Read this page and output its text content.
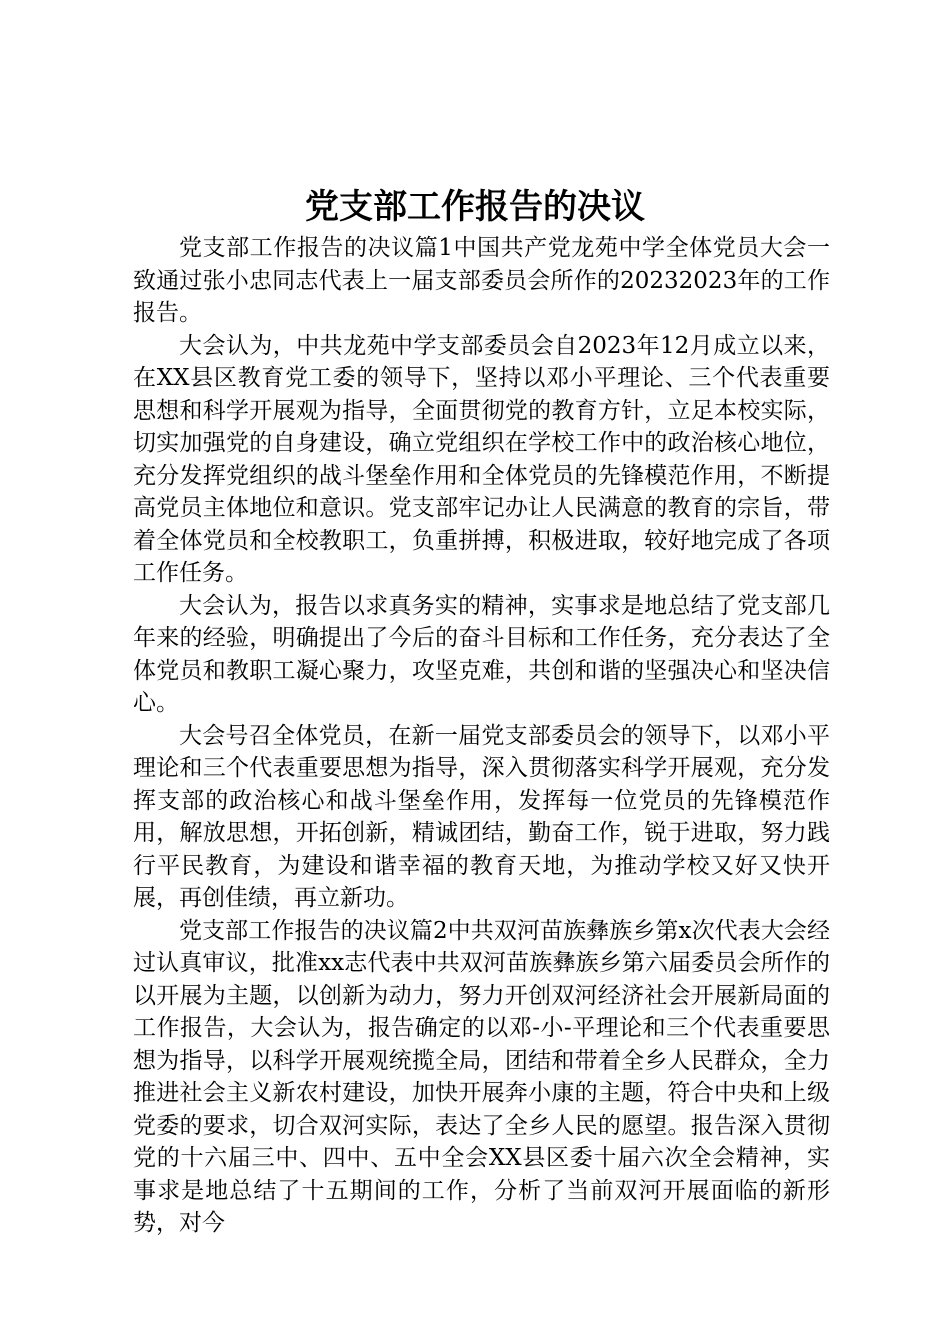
党支部工作报告的决议

党支部工作报告的决议篇1中国共产党龙苑中学全体党员大会一致通过张小忠同志代表上一届支部委员会所作的20232023年的工作报告。

大会认为，中共龙苑中学支部委员会自2023年12月成立以来，在XX县区教育党工委的领导下，坚持以邓小平理论、三个代表重要思想和科学开展观为指导，全面贯彻党的教育方针，立足本校实际，切实加强党的自身建设，确立党组织在学校工作中的政治核心地位，充分发挥党组织的战斗堡垒作用和全体党员的先锋模范作用，不断提高党员主体地位和意识。党支部牢记办让人民满意的教育的宗旨，带着全体党员和全校教职工，负重拼搏，积极进取，较好地完成了各项工作任务。

大会认为，报告以求真务实的精神，实事求是地总结了党支部几年来的经验，明确提出了今后的奋斗目标和工作任务，充分表达了全体党员和教职工凝心聚力，攻坚克难，共创和谐的坚强决心和坚决信心。

大会号召全体党员，在新一届党支部委员会的领导下，以邓小平理论和三个代表重要思想为指导，深入贯彻落实科学开展观，充分发挥支部的政治核心和战斗堡垒作用，发挥每一位党员的先锋模范作用，解放思想，开拓创新，精诚团结，勤奋工作，锐于进取，努力践行平民教育，为建设和谐幸福的教育天地，为推动学校又好又快开展，再创佳绩，再立新功。

党支部工作报告的决议篇2中共双河苗族彝族乡第x次代表大会经过认真审议，批准xx志代表中共双河苗族彝族乡第六届委员会所作的以开展为主题，以创新为动力，努力开创双河经济社会开展新局面的工作报告，大会认为，报告确定的以邓-小-平理论和三个代表重要思想为指导，以科学开展观统揽全局，团结和带着全乡人民群众，全力推进社会主义新农村建设，加快开展奔小康的主题，符合中央和上级党委的要求，切合双河实际，表达了全乡人民的愿望。报告深入贯彻党的十六届三中、四中、五中全会XX县区委十届六次全会精神，实事求是地总结了十五期间的工作，分析了当前双河开展面临的新形势，对今
